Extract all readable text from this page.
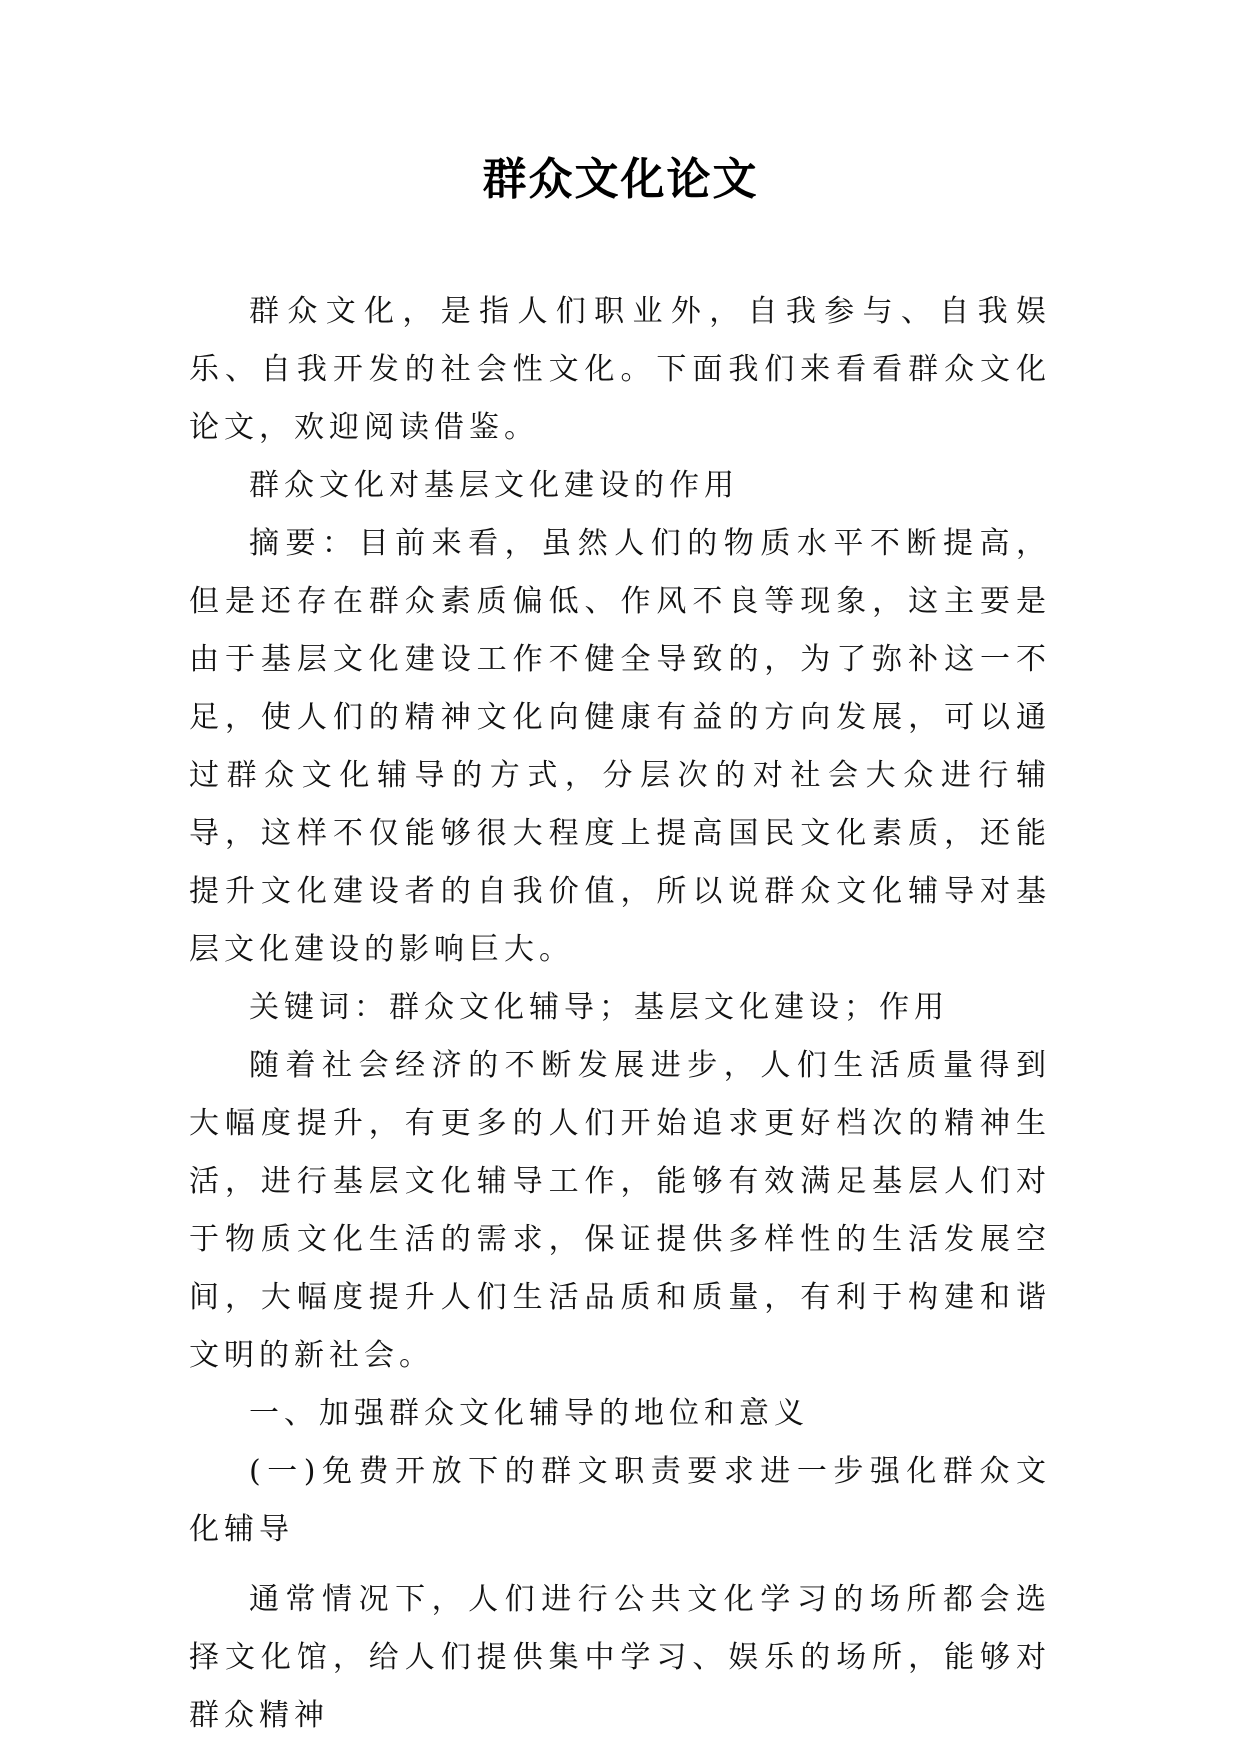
群众文化论文

群众文化，是指人们职业外，自我参与、自我娱乐、自我开发的社会性文化。下面我们来看看群众文化论文，欢迎阅读借鉴。

群众文化对基层文化建设的作用

摘要：目前来看，虽然人们的物质水平不断提高，但是还存在群众素质偏低、作风不良等现象，这主要是由于基层文化建设工作不健全导致的，为了弥补这一不足，使人们的精神文化向健康有益的方向发展，可以通过群众文化辅导的方式，分层次的对社会大众进行辅导，这样不仅能够很大程度上提高国民文化素质，还能提升文化建设者的自我价值，所以说群众文化辅导对基层文化建设的影响巨大。

关键词：群众文化辅导；基层文化建设；作用

随着社会经济的不断发展进步，人们生活质量得到大幅度提升，有更多的人们开始追求更好档次的精神生活，进行基层文化辅导工作，能够有效满足基层人们对于物质文化生活的需求，保证提供多样性的生活发展空间，大幅度提升人们生活品质和质量，有利于构建和谐文明的新社会。

一、加强群众文化辅导的地位和意义

(一)免费开放下的群文职责要求进一步强化群众文化辅导

通常情况下，人们进行公共文化学习的场所都会选择文化馆，给人们提供集中学习、娱乐的场所，能够对群众精神
